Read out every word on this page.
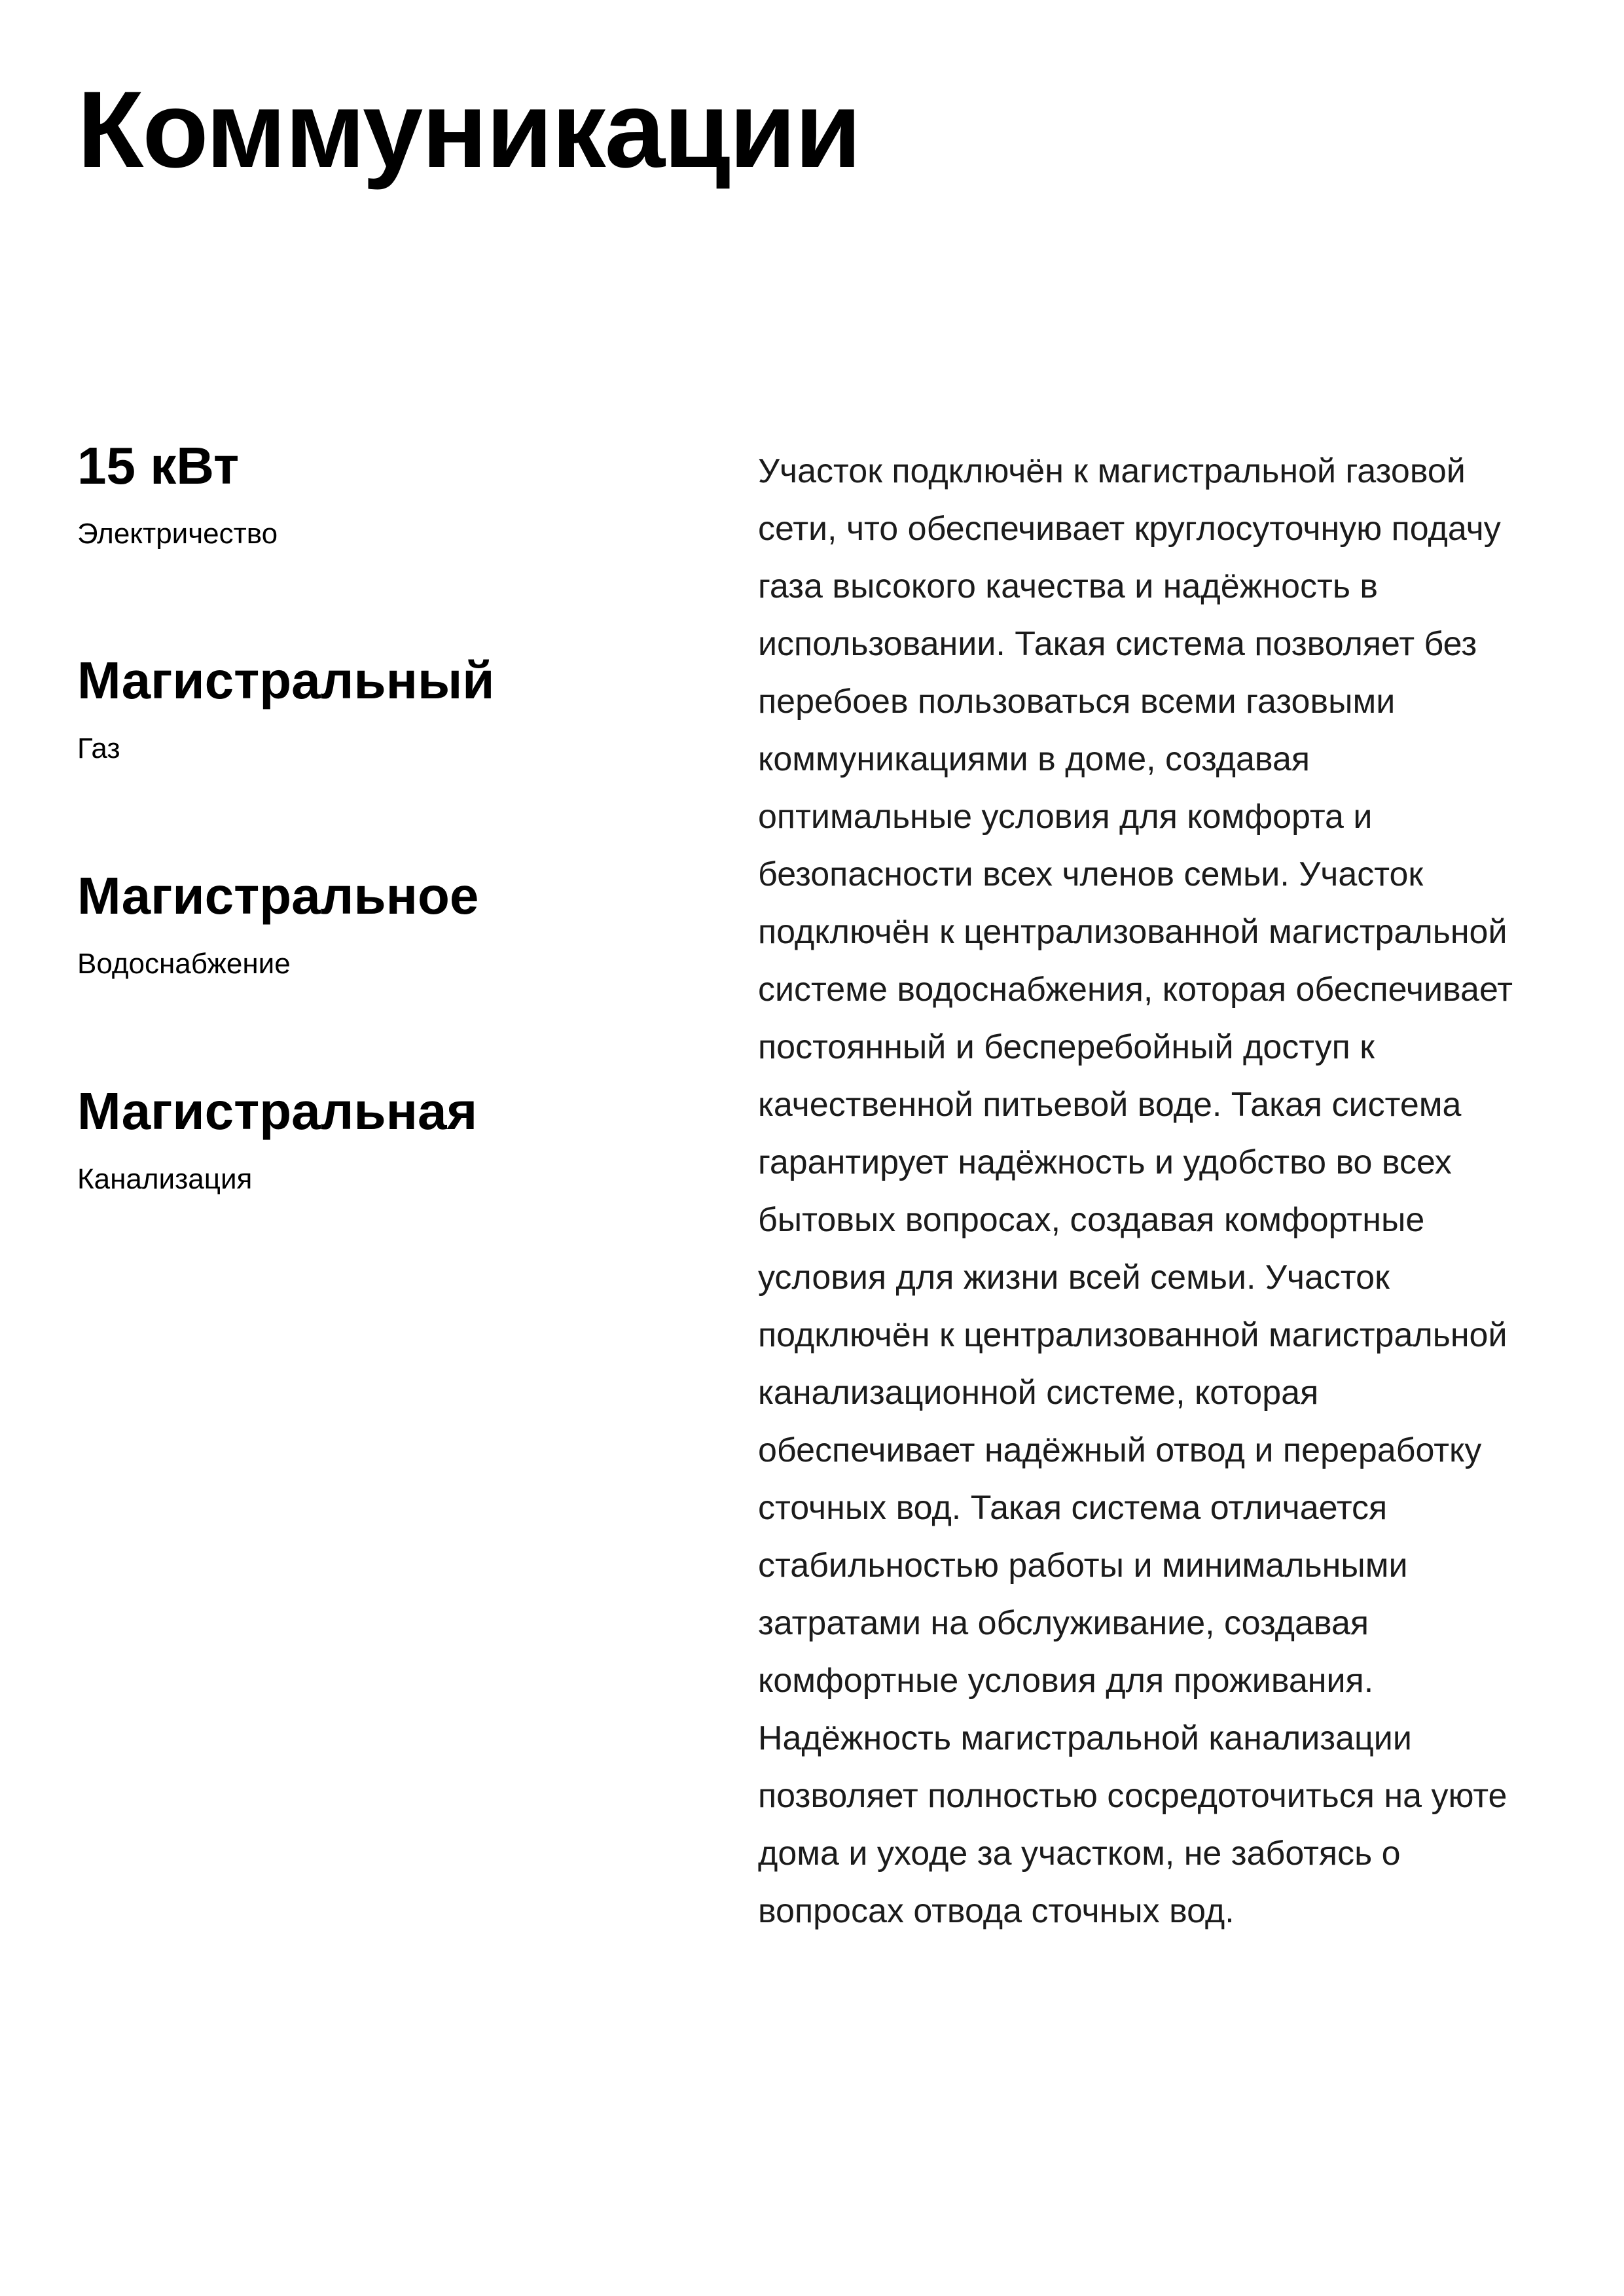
Коммуникации
15 кВт
Электричество
Магистральный
Газ
Магистральное
Водоснабжение
Магистральная
Канализация

Участок подключён к магистральной газовой
сети, что обеспечивает круглосуточную подачу
газа высокого качества и надёжность в
использовании. Такая система позволяет без
перебоев пользоваться всеми газовыми
коммуникациями в доме, создавая
оптимальные условия для комфорта и
безопасности всех членов семьи. Участок
подключён к централизованной магистральной
системе водоснабжения, которая обеспечивает
постоянный и бесперебойный доступ к
качественной питьевой воде. Такая система
гарантирует надёжность и удобство во всех
бытовых вопросах, создавая комфортные
условия для жизни всей семьи. Участок
подключён к централизованной магистральной
канализационной системе, которая
обеспечивает надёжный отвод и переработку
сточных вод. Такая система отличается
стабильностью работы и минимальными
затратами на обслуживание, создавая
комфортные условия для проживания.
Надёжность магистральной канализации
позволяет полностью сосредоточиться на уюте
дома и уходе за участком, не заботясь о
вопросах отвода сточных вод.
